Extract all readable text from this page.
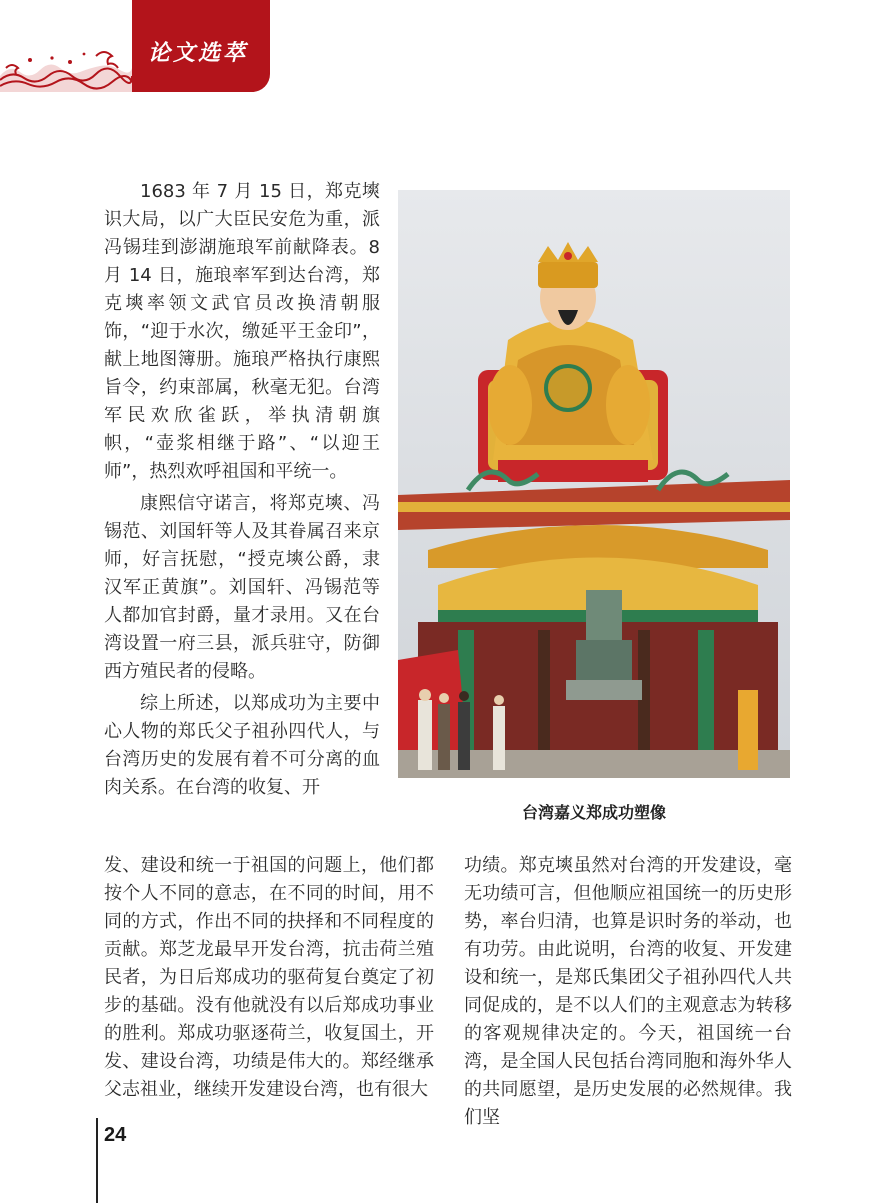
论文选萃

1683 年 7 月 15 日，郑克塽识大局，以广大臣民安危为重，派冯锡珪到澎湖施琅军前献降表。8 月 14 日，施琅率军到达台湾，郑克塽率领文武官员改换清朝服饰，“迎于水次，缴延平王金印”，献上地图簿册。施琅严格执行康熙旨令，约束部属，秋毫无犯。台湾军民欢欣雀跃，举执清朝旗帜，“壶浆相继于路”、“以迎王师”，热烈欢呼祖国和平统一。

康熙信守诺言，将郑克塽、冯锡范、刘国轩等人及其眷属召来京师，好言抚慰，“授克塽公爵，隶汉军正黄旗”。刘国轩、冯锡范等人都加官封爵，量才录用。又在台湾设置一府三县，派兵驻守，防御西方殖民者的侵略。

综上所述，以郑成功为主要中心人物的郑氏父子祖孙四代人，与台湾历史的发展有着不可分离的血肉关系。在台湾的收复、开

台湾嘉义郑成功塑像

发、建设和统一于祖国的问题上，他们都按个人不同的意志，在不同的时间，用不同的方式，作出不同的抉择和不同程度的贡献。郑芝龙最早开发台湾，抗击荷兰殖民者，为日后郑成功的驱荷复台奠定了初步的基础。没有他就没有以后郑成功事业的胜利。郑成功驱逐荷兰，收复国土，开发、建设台湾，功绩是伟大的。郑经继承父志祖业，继续开发建设台湾，也有很大

功绩。郑克塽虽然对台湾的开发建设，毫无功绩可言，但他顺应祖国统一的历史形势，率台归清，也算是识时务的举动，也有功劳。由此说明，台湾的收复、开发建设和统一，是郑氏集团父子祖孙四代人共同促成的，是不以人们的主观意志为转移的客观规律决定的。今天，祖国统一台湾，是全国人民包括台湾同胞和海外华人的共同愿望，是历史发展的必然规律。我们坚

24
